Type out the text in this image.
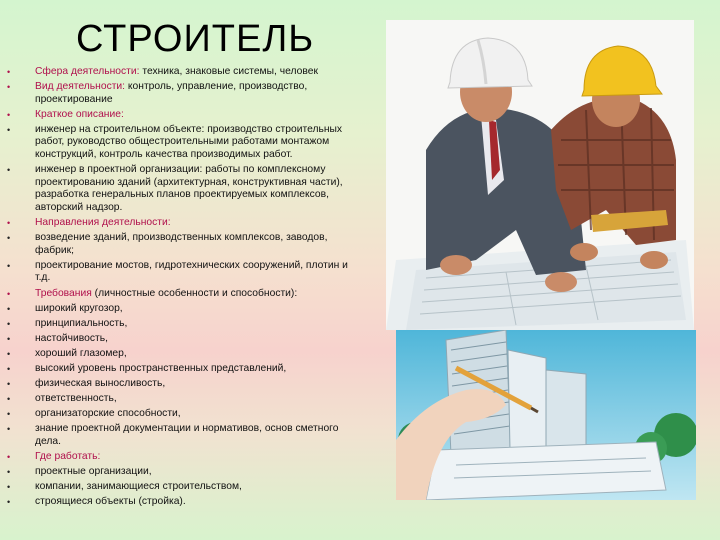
СТРОИТЕЛЬ
• Сфера деятельности: техника, знаковые системы, человек
• Вид деятельности: контроль, управление, производство, проектирование
• Краткое описание:
• инженер на строительном объекте: производство строительных работ, руководство общестроительными работами монтажом конструкций, контроль качества производимых работ.
• инженер в проектной организации: работы по комплексному проектированию зданий (архитектурная, конструктивная части), разработка генеральных планов проектируемых комплексов, авторский надзор.
• Направления деятельности:
• возведение зданий, производственных комплексов, заводов, фабрик;
• проектирование мостов, гидротехнических сооружений, плотин и т.д.
• Требования (личностные особенности и способности):
• широкий кругозор,
• принципиальность,
• настойчивость,
• хороший глазомер,
• высокий уровень пространственных представлений,
• физическая выносливость,
• ответственность,
• организаторские способности,
• знание проектной документации и нормативов, основ сметного дела.
• Где работать:
• проектные организации,
• компании, занимающиеся строительством,
• строящиеся объекты (стройка).
